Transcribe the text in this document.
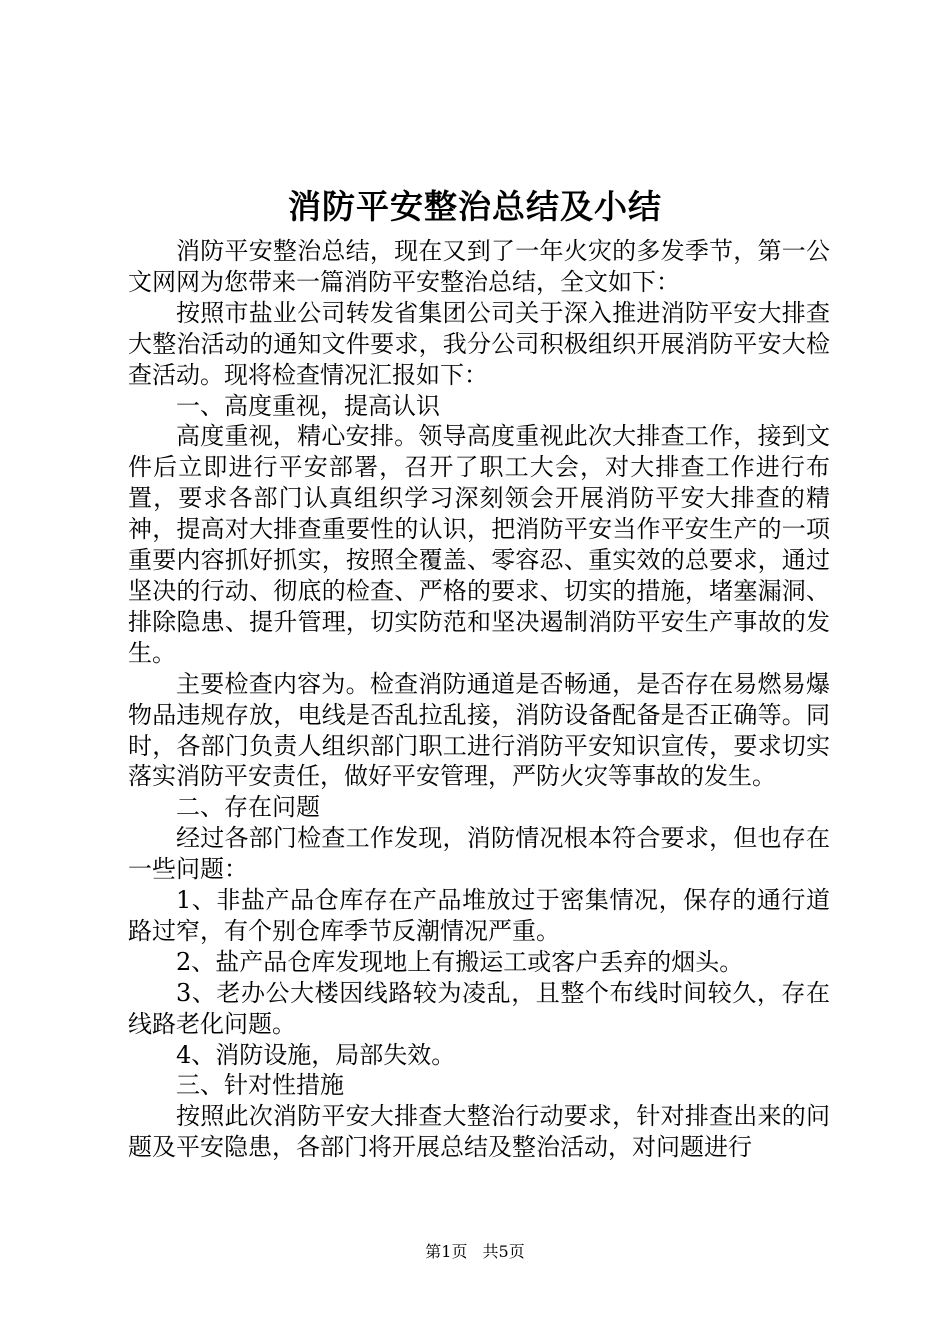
消防平安整治总结及小结

消防平安整治总结，现在又到了一年火灾的多发季节，第一公文网网为您带来一篇消防平安整治总结，全文如下：

按照市盐业公司转发省集团公司关于深入推进消防平安大排查大整治活动的通知文件要求，我分公司积极组织开展消防平安大检查活动。现将检查情况汇报如下：

一、高度重视，提高认识

高度重视，精心安排。领导高度重视此次大排查工作，接到文件后立即进行平安部署，召开了职工大会，对大排查工作进行布置，要求各部门认真组织学习深刻领会开展消防平安大排查的精神，提高对大排查重要性的认识，把消防平安当作平安生产的一项重要内容抓好抓实，按照全覆盖、零容忍、重实效的总要求，通过坚决的行动、彻底的检查、严格的要求、切实的措施，堵塞漏洞、排除隐患、提升管理，切实防范和坚决遏制消防平安生产事故的发生。

主要检查内容为。检查消防通道是否畅通，是否存在易燃易爆物品违规存放，电线是否乱拉乱接，消防设备配备是否正确等。同时，各部门负责人组织部门职工进行消防平安知识宣传，要求切实落实消防平安责任，做好平安管理，严防火灾等事故的发生。

二、存在问题

经过各部门检查工作发现，消防情况根本符合要求，但也存在一些问题：

1、非盐产品仓库存在产品堆放过于密集情况，保存的通行道路过窄，有个别仓库季节反潮情况严重。

2、盐产品仓库发现地上有搬运工或客户丢弃的烟头。

3、老办公大楼因线路较为凌乱，且整个布线时间较久，存在线路老化问题。

4、消防设施，局部失效。

三、针对性措施

按照此次消防平安大排查大整治行动要求，针对排查出来的问题及平安隐患，各部门将开展总结及整治活动，对问题进行

第1页 共5页
